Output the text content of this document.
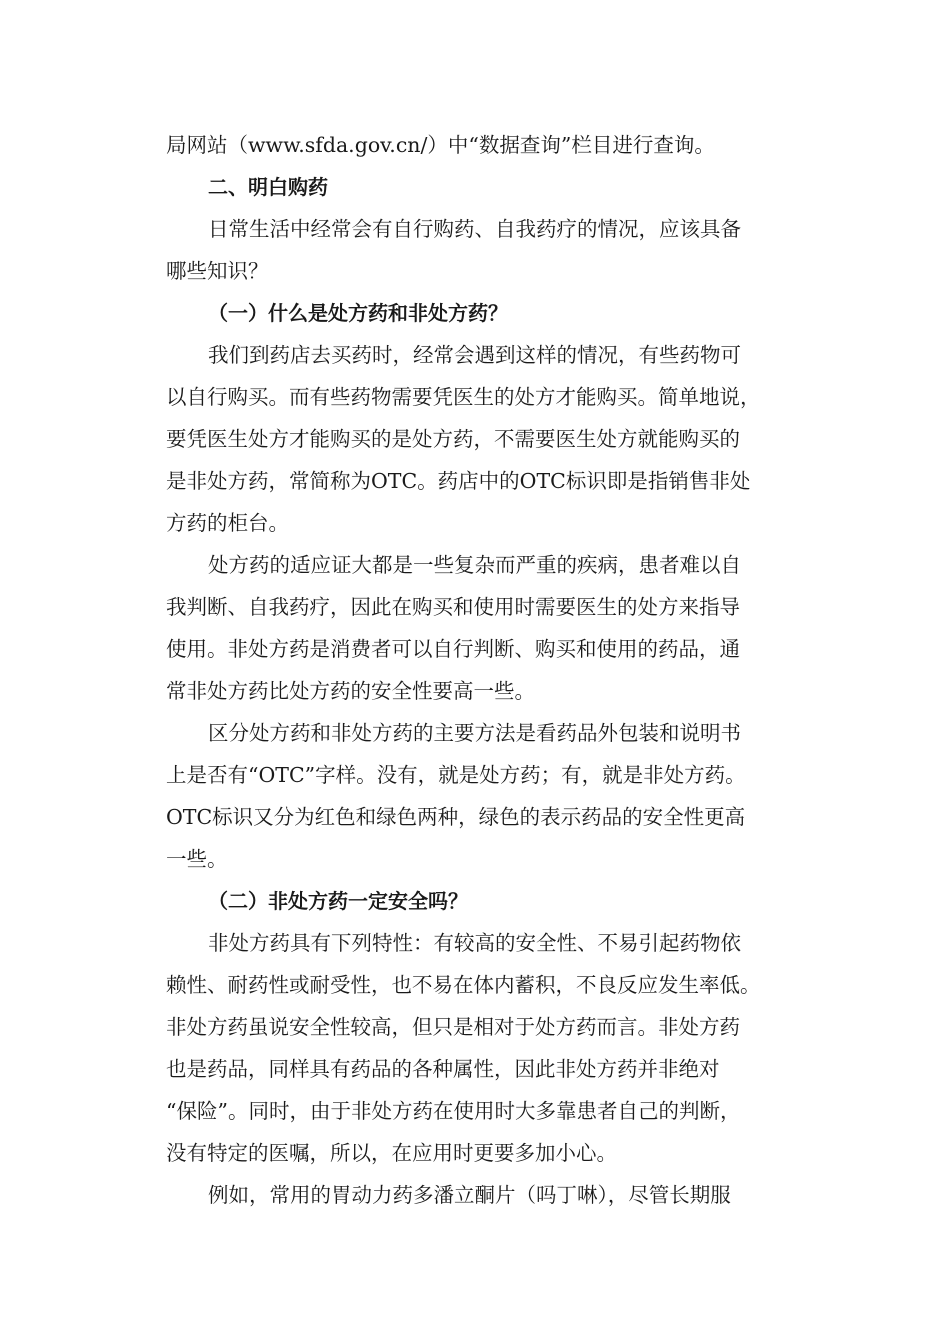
局网站（www.sfda.gov.cn/）中“数据查询”栏目进行查询。

二、明白购药

日常生活中经常会有自行购药、自我药疗的情况，应该具备

哪些知识？

（一）什么是处方药和非处方药？

我们到药店去买药时，经常会遇到这样的情况，有些药物可

以自行购买。而有些药物需要凭医生的处方才能购买。简单地说，

要凭医生处方才能购买的是处方药，不需要医生处方就能购买的

是非处方药，常简称为OTC。药店中的OTC标识即是指销售非处

方药的柜台。

处方药的适应证大都是一些复杂而严重的疾病，患者难以自

我判断、自我药疗，因此在购买和使用时需要医生的处方来指导

使用。非处方药是消费者可以自行判断、购买和使用的药品，通

常非处方药比处方药的安全性要高一些。

区分处方药和非处方药的主要方法是看药品外包装和说明书

上是否有“OTC”字样。没有，就是处方药；有，就是非处方药。

OTC标识又分为红色和绿色两种，绿色的表示药品的安全性更高

一些。

（二）非处方药一定安全吗？

非处方药具有下列特性：有较高的安全性、不易引起药物依

赖性、耐药性或耐受性，也不易在体内蓄积，不良反应发生率低。

非处方药虽说安全性较高，但只是相对于处方药而言。非处方药

也是药品，同样具有药品的各种属性，因此非处方药并非绝对

“保险”。同时，由于非处方药在使用时大多靠患者自己的判断，

没有特定的医嘱，所以，在应用时更要多加小心。

例如，常用的胃动力药多潘立酮片（吗丁啉），尽管长期服
